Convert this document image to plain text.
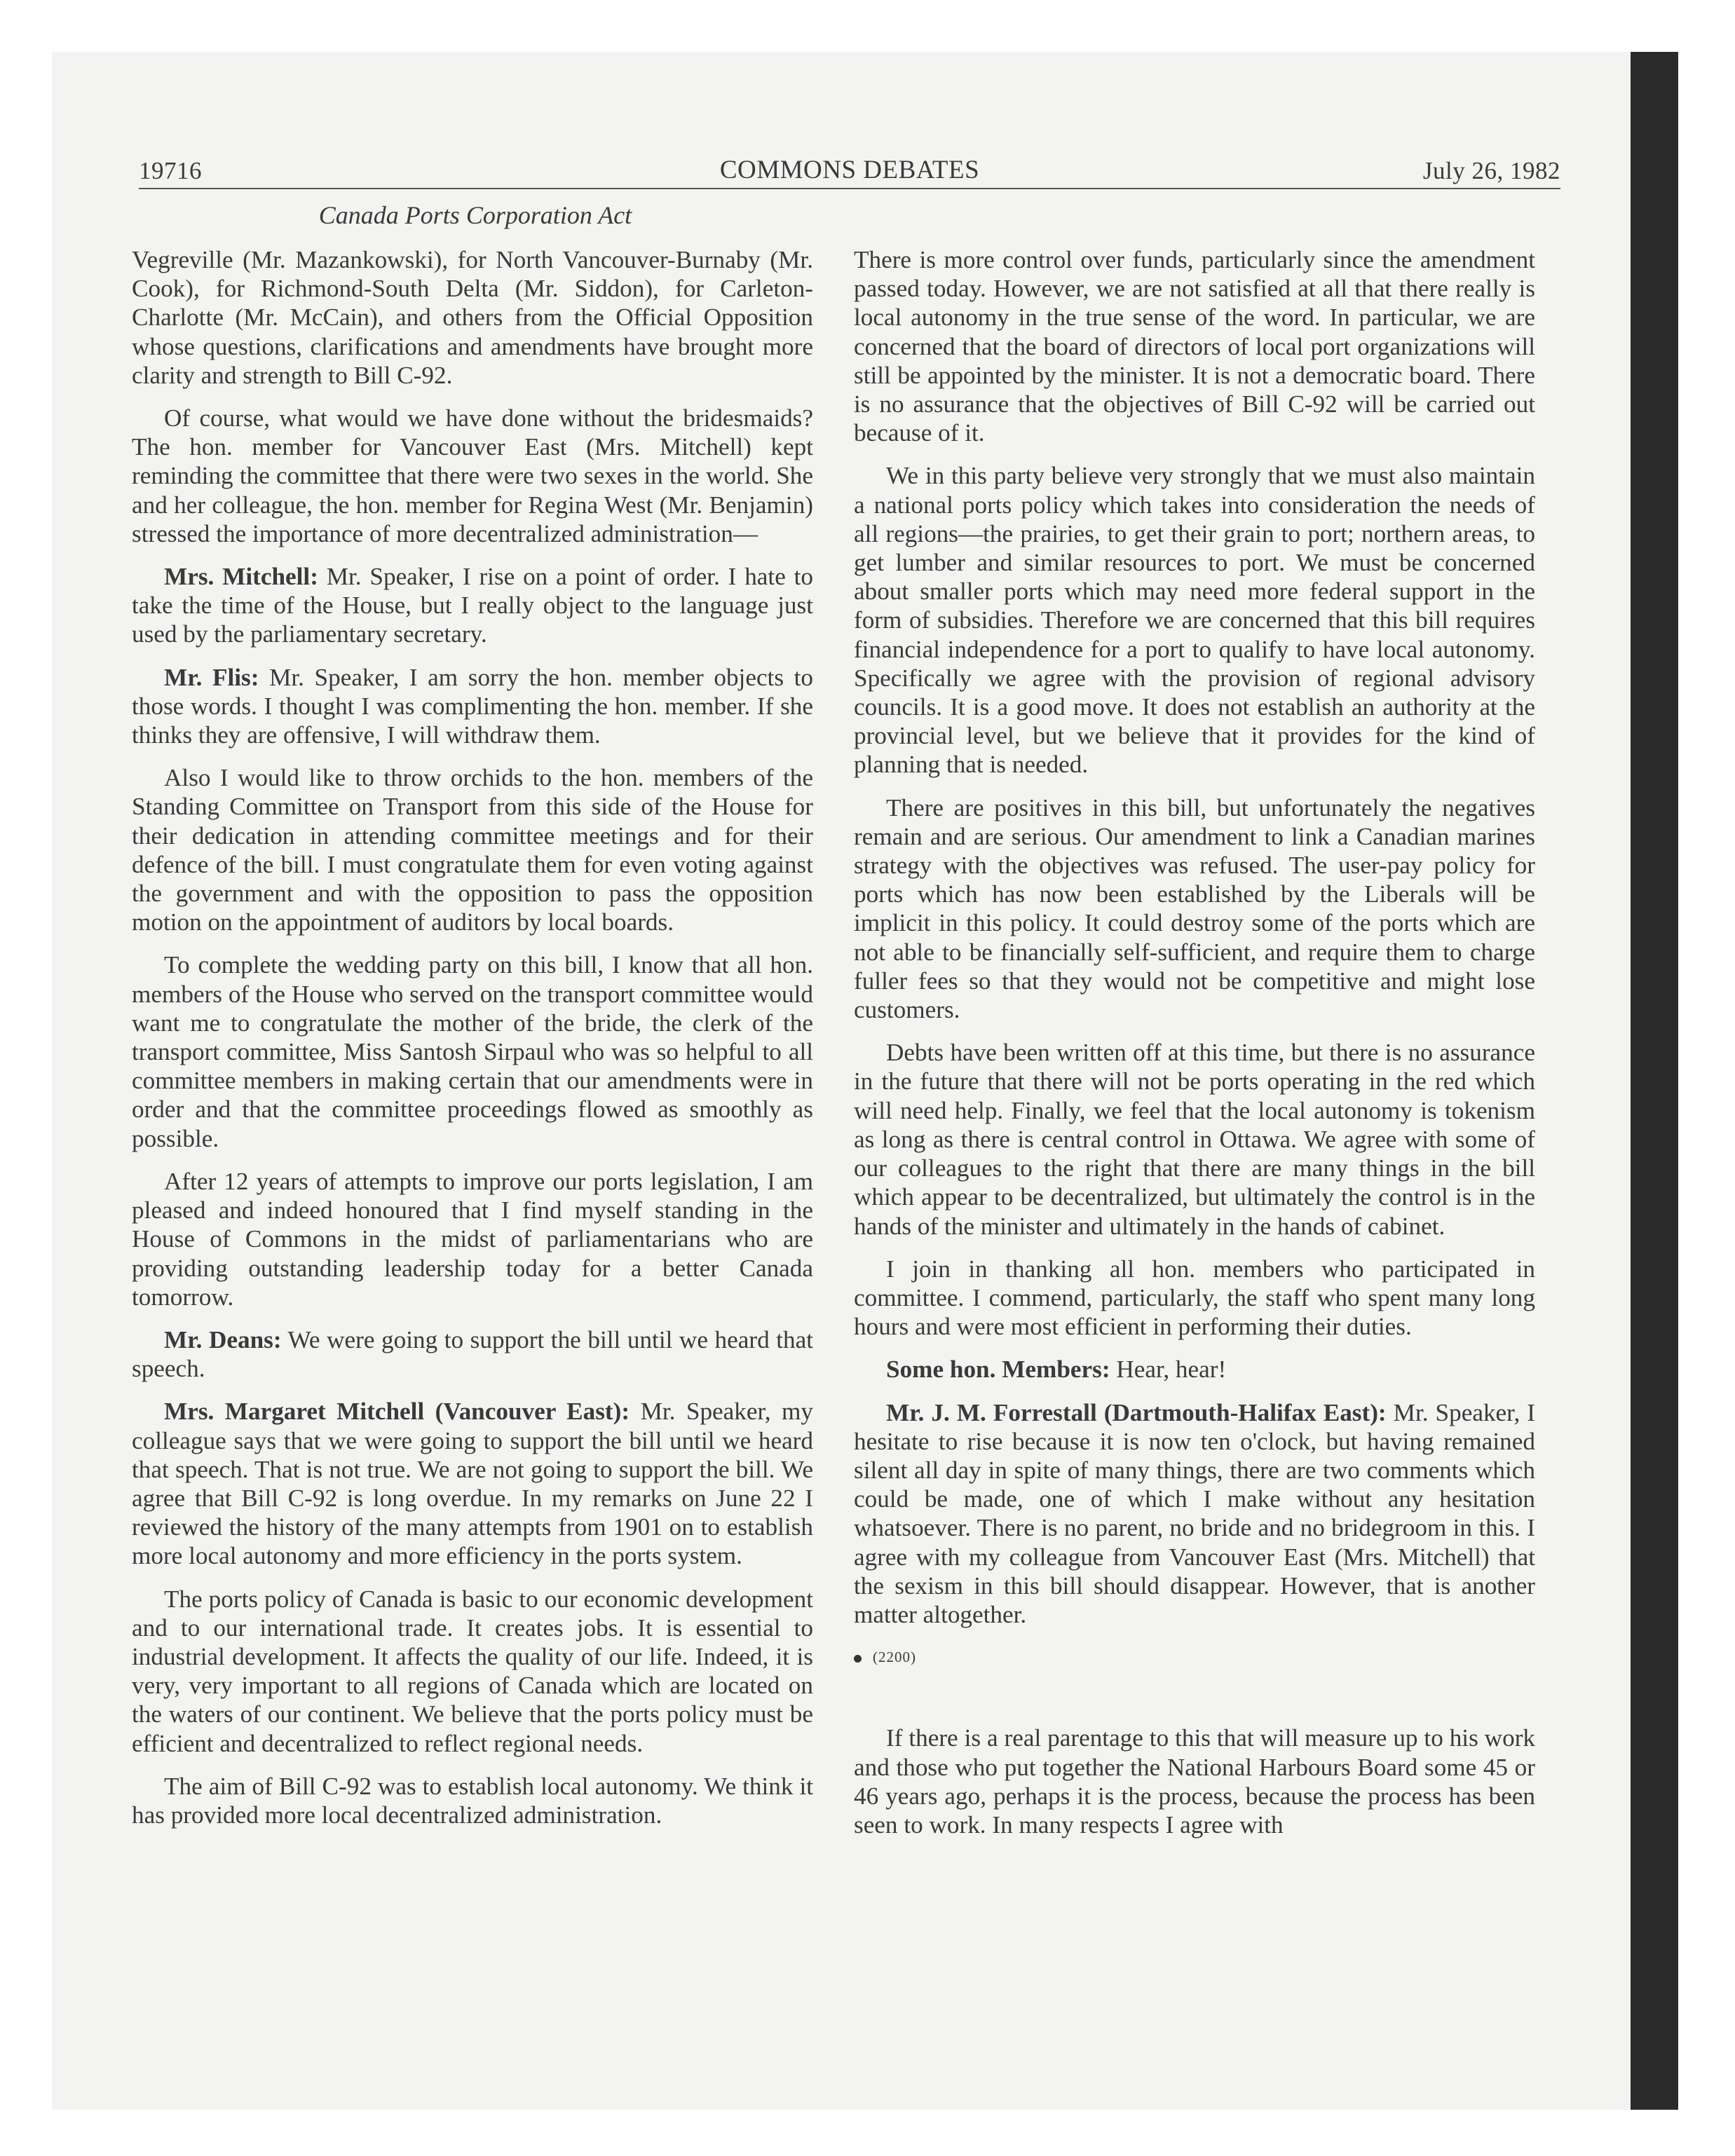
19716	COMMONS DEBATES	July 26, 1982
Canada Ports Corporation Act

Vegreville (Mr. Mazankowski), for North Vancouver-Burnaby (Mr. Cook), for Richmond-South Delta (Mr. Siddon), for Carleton-Charlotte (Mr. McCain), and others from the Official Opposition whose questions, clarifications and amendments have brought more clarity and strength to Bill C-92.

Of course, what would we have done without the bridesmaids? The hon. member for Vancouver East (Mrs. Mitchell) kept reminding the committee that there were two sexes in the world. She and her colleague, the hon. member for Regina West (Mr. Benjamin) stressed the importance of more decentralized administration—

Mrs. Mitchell: Mr. Speaker, I rise on a point of order. I hate to take the time of the House, but I really object to the language just used by the parliamentary secretary.

Mr. Flis: Mr. Speaker, I am sorry the hon. member objects to those words. I thought I was complimenting the hon. member. If she thinks they are offensive, I will withdraw them.

Also I would like to throw orchids to the hon. members of the Standing Committee on Transport from this side of the House for their dedication in attending committee meetings and for their defence of the bill. I must congratulate them for even voting against the government and with the opposition to pass the opposition motion on the appointment of auditors by local boards.

To complete the wedding party on this bill, I know that all hon. members of the House who served on the transport committee would want me to congratulate the mother of the bride, the clerk of the transport committee, Miss Santosh Sirpaul who was so helpful to all committee members in making certain that our amendments were in order and that the committee proceedings flowed as smoothly as possible.

After 12 years of attempts to improve our ports legislation, I am pleased and indeed honoured that I find myself standing in the House of Commons in the midst of parliamentarians who are providing outstanding leadership today for a better Canada tomorrow.

Mr. Deans: We were going to support the bill until we heard that speech.

Mrs. Margaret Mitchell (Vancouver East): Mr. Speaker, my colleague says that we were going to support the bill until we heard that speech. That is not true. We are not going to support the bill. We agree that Bill C-92 is long overdue. In my remarks on June 22 I reviewed the history of the many attempts from 1901 on to establish more local autonomy and more efficiency in the ports system.

The ports policy of Canada is basic to our economic development and to our international trade. It creates jobs. It is essential to industrial development. It affects the quality of our life. Indeed, it is very, very important to all regions of Canada which are located on the waters of our continent. We believe that the ports policy must be efficient and decentralized to reflect regional needs.

The aim of Bill C-92 was to establish local autonomy. We think it has provided more local decentralized administration.

There is more control over funds, particularly since the amendment passed today. However, we are not satisfied at all that there really is local autonomy in the true sense of the word. In particular, we are concerned that the board of directors of local port organizations will still be appointed by the minister. It is not a democratic board. There is no assurance that the objectives of Bill C-92 will be carried out because of it.

We in this party believe very strongly that we must also maintain a national ports policy which takes into consideration the needs of all regions—the prairies, to get their grain to port; northern areas, to get lumber and similar resources to port. We must be concerned about smaller ports which may need more federal support in the form of subsidies. Therefore we are concerned that this bill requires financial independence for a port to qualify to have local autonomy. Specifically we agree with the provision of regional advisory councils. It is a good move. It does not establish an authority at the provincial level, but we believe that it provides for the kind of planning that is needed.

There are positives in this bill, but unfortunately the negatives remain and are serious. Our amendment to link a Canadian marines strategy with the objectives was refused. The user-pay policy for ports which has now been established by the Liberals will be implicit in this policy. It could destroy some of the ports which are not able to be financially self-sufficient, and require them to charge fuller fees so that they would not be competitive and might lose customers.

Debts have been written off at this time, but there is no assurance in the future that there will not be ports operating in the red which will need help. Finally, we feel that the local autonomy is tokenism as long as there is central control in Ottawa. We agree with some of our colleagues to the right that there are many things in the bill which appear to be decentralized, but ultimately the control is in the hands of the minister and ultimately in the hands of cabinet.

I join in thanking all hon. members who participated in committee. I commend, particularly, the staff who spent many long hours and were most efficient in performing their duties.

Some hon. Members: Hear, hear!

Mr. J. M. Forrestall (Dartmouth-Halifax East): Mr. Speaker, I hesitate to rise because it is now ten o'clock, but having remained silent all day in spite of many things, there are two comments which could be made, one of which I make without any hesitation whatsoever. There is no parent, no bride and no bridegroom in this. I agree with my colleague from Vancouver East (Mrs. Mitchell) that the sexism in this bill should disappear. However, that is another matter altogether.

(2200)

If there is a real parentage to this that will measure up to his work and those who put together the National Harbours Board some 45 or 46 years ago, perhaps it is the process, because the process has been seen to work. In many respects I agree with
